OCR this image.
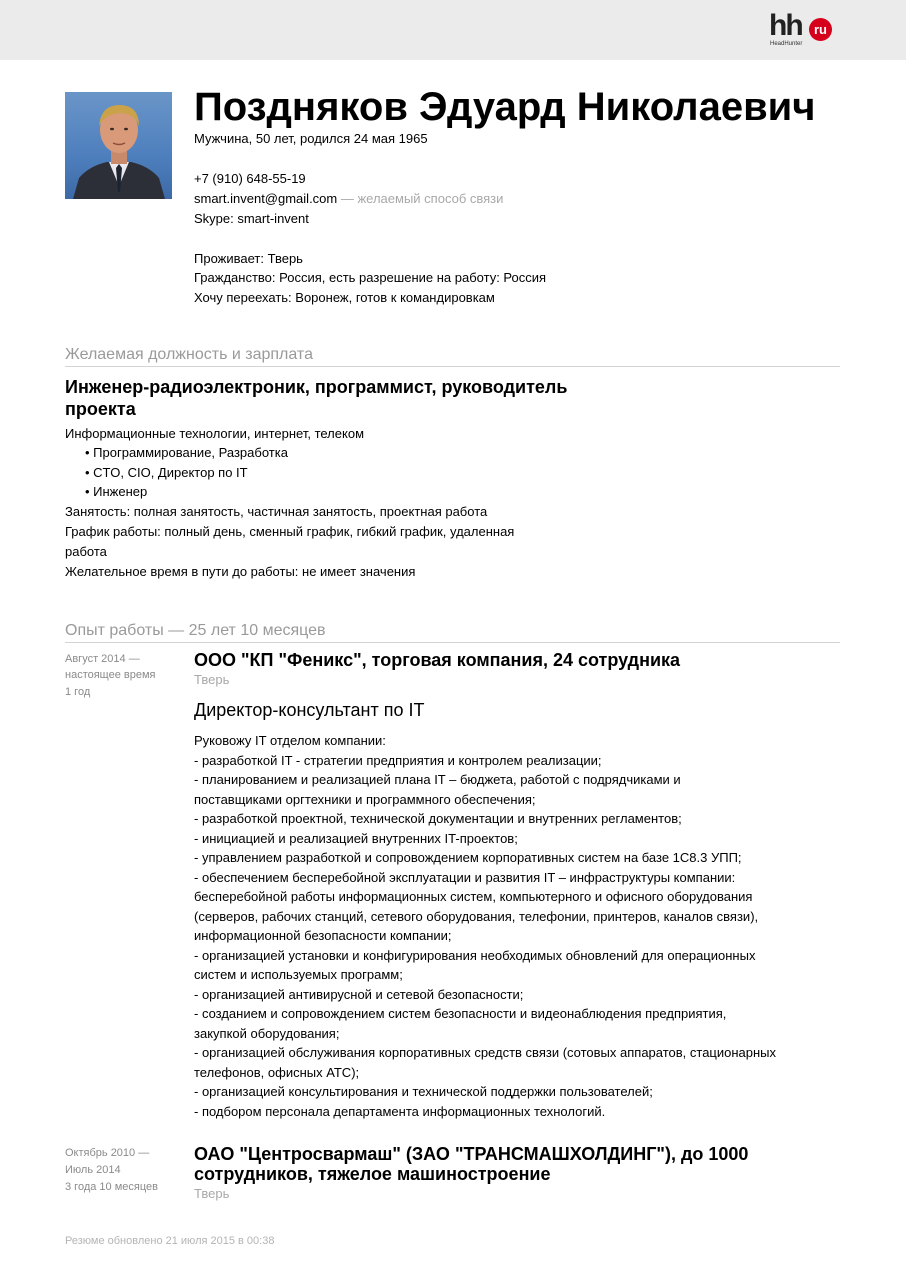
hh ru
HeadHunter
Поздняков Эдуард Николаевич
Мужчина, 50 лет, родился 24 мая 1965
+7 (910) 648-55-19
smart.invent@gmail.com — желаемый способ связи
Skype: smart-invent
Проживает: Тверь
Гражданство: Россия, есть разрешение на работу: Россия
Хочу переехать: Воронеж, готов к командировкам
Желаемая должность и зарплата
Инженер-радиоэлектроник, программист, руководитель проекта
Информационные технологии, интернет, телеком
• Программирование, Разработка
• CTO, CIO, Директор по IT
• Инженер
Занятость: полная занятость, частичная занятость, проектная работа
График работы: полный день, сменный график, гибкий график, удаленная
работа
Желательное время в пути до работы: не имеет значения
Опыт работы — 25 лет 10 месяцев
Август 2014 —
настоящее время
1 год
ООО "КП "Феникс", торговая компания, 24 сотрудника
Тверь
Директор-консультант по IT
Руковожу IT отделом компании:
- разработкой IT - стратегии предприятия и контролем реализации;
- планированием и реализацией плана IT – бюджета, работой с подрядчиками и
поставщиками оргтехники и программного обеспечения;
- разработкой проектной, технической документации и внутренних регламентов;
- инициацией и реализацией внутренних IT-проектов;
- управлением разработкой и сопровождением корпоративных систем на базе 1С8.3 УПП;
- обеспечением бесперебойной эксплуатации и развития IT – инфраструктуры компании:
бесперебойной работы информационных систем, компьютерного и офисного оборудования
(серверов, рабочих станций, сетевого оборудования, телефонии, принтеров, каналов связи),
информационной безопасности компании;
- организацией установки и конфигурирования необходимых обновлений для операционных
систем и используемых программ;
- организацией антивирусной и сетевой безопасности;
- созданием и сопровождением систем безопасности и видеонаблюдения предприятия,
закупкой оборудования;
- организацией обслуживания корпоративных средств связи (сотовых аппаратов, стационарных
телефонов, офисных АТС);
- организацией консультирования и технической поддержки пользователей;
- подбором персонала департамента информационных технологий.
Октябрь 2010 —
Июль 2014
3 года 10 месяцев
ОАО "Центросвармаш" (ЗАО "ТРАНСМАШХОЛДИНГ"), до 1000
сотрудников, тяжелое машиностроение
Тверь
Резюме обновлено 21 июля 2015 в 00:38
